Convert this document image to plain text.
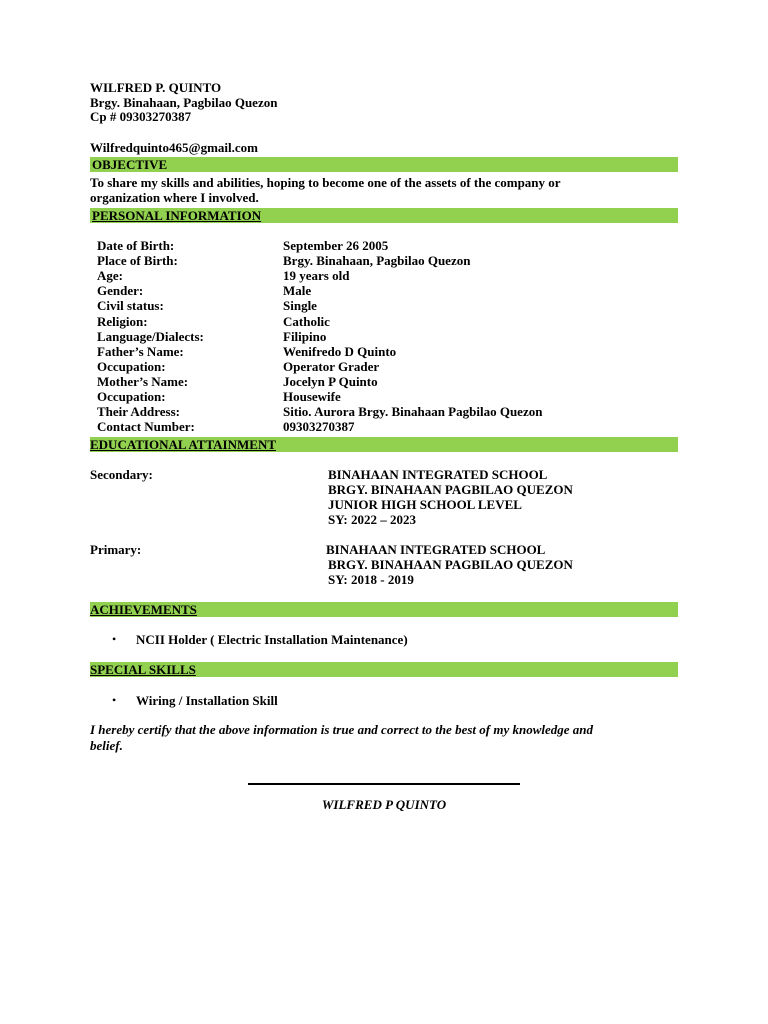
WILFRED P. QUINTO
Brgy. Binahaan, Pagbilao Quezon
Cp # 09303270387
Wilfredquinto465@gmail.com
OBJECTIVE
To share my skills and abilities, hoping to become one of the assets of the company or
organization where I involved.
PERSONAL INFORMATION
Date of Birth:	September 26 2005
Place of Birth:	Brgy. Binahaan, Pagbilao Quezon
Age:	19 years old
Gender:	Male
Civil status:	Single
Religion:	Catholic
Language/Dialects:	Filipino
Father’s Name:	Wenifredo D Quinto
Occupation:	Operator Grader
Mother’s Name:	Jocelyn P Quinto
Occupation:	Housewife
Their Address:	Sitio. Aurora Brgy. Binahaan Pagbilao Quezon
Contact Number:	09303270387
EDUCATIONAL ATTAINMENT
Secondary:	BINAHAAN INTEGRATED SCHOOL
BRGY. BINAHAAN PAGBILAO QUEZON
JUNIOR HIGH SCHOOL LEVEL
SY: 2022 – 2023
Primary:	BINAHAAN INTEGRATED SCHOOL
BRGY. BINAHAAN PAGBILAO QUEZON
SY: 2018 - 2019
ACHIEVEMENTS
• NCII Holder ( Electric Installation Maintenance)
SPECIAL SKILLS
• Wiring / Installation Skill
I hereby certify that the above information is true and correct to the best of my knowledge and
belief.
WILFRED P QUINTO
